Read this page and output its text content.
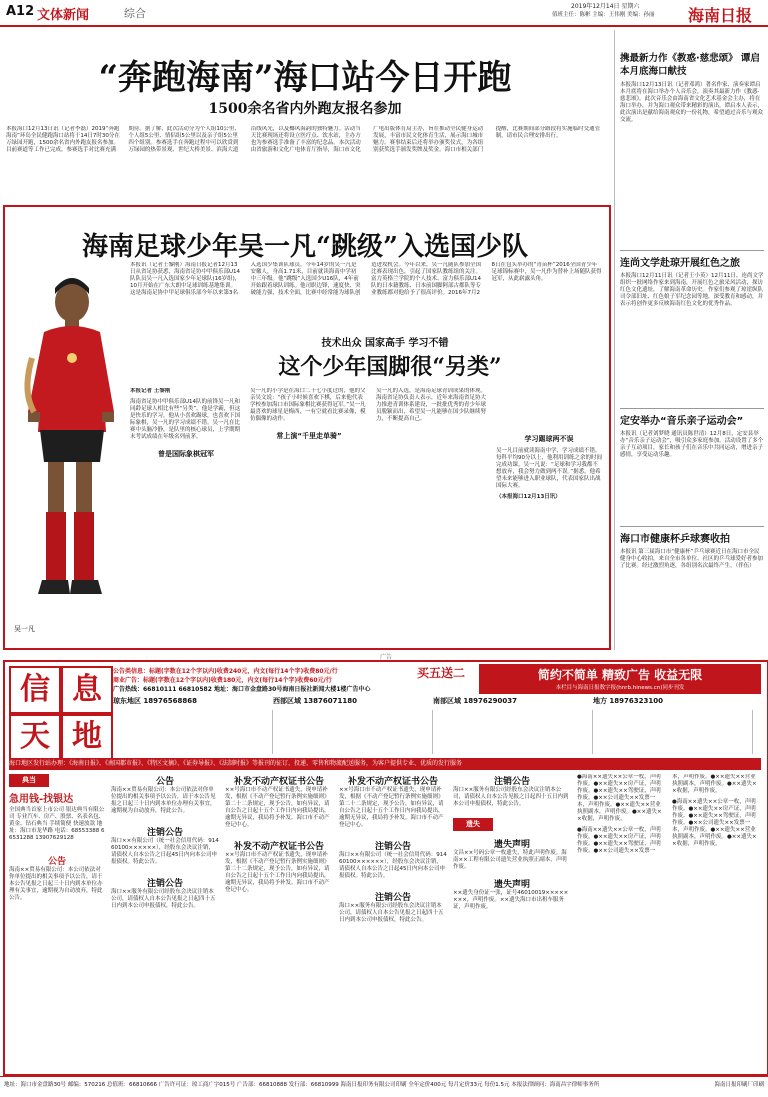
A12 文体新闻	综合
2019年12月14日 星期六
值班主任：陈彬 主编：王伟刚 美编：孙丽 海南日报
“奔跑海南”海口站今日开跑
1500余名省内外跑友报名参加
本报海口12月13日讯（记者李磊）2019“奔跑海南”环岛全民健跑海口站将于14日7时30分在万绿园开跑，1500余名省内外跑友报名参加。目前赛道等工作已完成，参赛选手对比赛充满期待。据了解，此次活动分为个人组10公里、个人组5公里、情侣组5公里以及亲子组5公里四个组别。参赛选手在奔跑过程中可以欣赏到万绿园的热带景观、世纪大桥美景、滨海大道沿线风光，以及椰风海韵的独特魅力。活动当天比赛现场还将设立医疗点、饮水站，主办方也为参赛选手准备了丰富的纪念品。本次活动由省旅游和文化广电体育厅指导，海口市文化广电出版体育局主办，旨在推动全民健身运动发展，丰富市民文化体育生活，展示海口城市魅力。赛事结束后还将举办颁奖仪式，为各组别获奖选手颁发奖牌及奖金。海口市相关部门提醒，比赛期间部分路段将实施临时交通管制，请市民合理安排出行。
携最新力作《教惑·慈悲颂》 谭启本月底海口献技
本报海口12月13日讯（记者邓鸿）著名作家、演奏家谭启本月底将在海口举办个人音乐会，演奏其最新力作《教惑·慈悲颂》。此次音乐会由海南省文化艺术基金会主办，将在海口举办，并为海口观众带来精彩的演出。谭启本人表示，此次演出是献给海南观众的一份礼物，希望通过音乐与观众交流。
连尚文学赴琼开展红色之旅
本报海口12月11日讯（记者王小英）12月11日，连尚文学组织一批网络作家来到海南，开展红色之旅采风活动，探访红色文化遗址，了解海南革命历史。作家们参观了琼崖纵队司令部旧址、红色娘子军纪念园等地，深受教育和感动，并表示将创作更多反映海南红色文化的优秀作品。
定安举办“音乐亲子运动会”
本报讯（记者刘梦晓 通讯员陈世清）12月8日，定安县举办“音乐亲子运动会”，吸引众多家庭参加。活动设置了多个亲子互动项目，家长和孩子们在音乐中共同运动，增进亲子感情，享受运动乐趣。
海口市健康杯乒球赛收拍
本报讯 第三届海口市“健康杯”乒乓球赛近日在海口市全民健身中心收拍，来自全市各单位、社区的乒乓球爱好者参加了比赛。经过激烈角逐，各组别名次最终产生。（伴伍）
海南足球少年吴一凡“跳级”入选国少队
吴一凡
本报讯（记者王黎刚）海南日报记者12月13日从省足协获悉，海南省足协中甲俱乐部U14队队员吴一凡入选国家少年足球队(16岁组)，10月开始在广东大朗中足球训练基地集训。这是海南足协中甲足球俱乐部今年以来第3名入选国少集训队球员。今年14岁的吴一凡是安徽人，身高1.71米，目前就读海南中学初中三年级。他“跳级”入选国少U16队，4年前开始跟着球队训练。他司职边锋，速度快、突破能力强，技术全面，比赛中经常能为球队创造进攻机会。今年以来，吴一凡随队参加全国比赛表现出色，引起了国家队教练组的关注。富力英格兰学院的个人技术、富力俱乐部U14队的日本籍教练、日本前国脚阿部古都队等专业教练都对他给予了很高评价。2016年7月28日在包头举办的“青苗杯”2016全国青少年足球锦标赛中，吴一凡作为替补上场随队获得冠军，从此崭露头角。
技术出众 国家高手 学习不错
这个少年国脚很“另类”
本报记者 王黎刚
海南省足协中甲俱乐部U14队的前锋吴一凡和同龄足球人相比有些“另类”。他是学霸，但这是快乐的学习。他从小喜欢踢球，也喜欢下国际象棋，吴一凡的学习成绩不错。吴一凡在比赛中头脑冷静，是队里的核心球员，上学期期末考试成绩在年级名列前茅。
曾是国际象棋冠军
吴一凡的小学是在海口二十七小度过的，他的父亲吴文说：“孩子小时候喜欢下棋，后来他代表学校参加海口市国际象棋比赛获得冠军。”吴一凡最喜欢的球星是梅西，一有空就看比赛录像，模仿偶像的动作。
常上演“千里走单骑”
吴一凡的入选，是海南足球青训成果的体现。海南省足协负责人表示，近年来海南省足协大力推进青训体系建设，一批批优秀的青少年球员脱颖而出，希望吴一凡能够在国少队继续努力，不断提高自己。
学习踢球两不误
吴一凡目前就读海南中学，学习成绩不错。每科平均90分以上，他利用训练之余的时间完成功课。吴一凡说：“足球和学习我都不想放弃，我会努力做到两不误。”据悉，他希望未来能够进入职业球队，代表国家队出战国际大赛。
（本报海口12月13日讯）
广告
信 息
天 地
公告类信息：标题(字数在12个字以内)收费240元，内文(每行14个字)收费80元/行
商业广告：标题(字数在12个字以内)收费180元，内文(每行14个字)收费60元/行
广告热线：66810111 66810582 地址：海口市金盘路30号海南日报社新闻大楼1楼广告中心
买五送二	简约不简单 精致广告 收益无限
本栏目与海南日报数字报(hnrb.hinews.cn)同步刊发
琼东地区 18976568868	西部区域 13876071180	南部区域 18976290037	地方 18976323100
海口地区发行站办理：《海南日报》、《南国都市报》、《特区文摘》、《证券导报》、《法制时报》等报刊的征订、投递、零售和物流配送服务，为客户提供专业、优质的发行服务
典当
急用钱-找银达
全国典当首家上市公司 银达典当有限公司 专业汽车、房产、股票、名表名包、黄金、钻石典当 手续简便 快速放款 地址：海口市龙华路 电话：68553388 66531288 13907629128
公告
海南××贸易有限公司：本公司依法对你单位提出的相关事项予以公告，请于本公告见报之日起三十日内到本单位办理有关事宜，逾期视为自动放弃，特此公告。
公告
海南××贸易有限公司：本公司依法对你单位提出的相关事项予以公告，请于本公告见报之日起三十日内到本单位办理有关事宜，逾期视为自动放弃，特此公告。
注销公告
海口××有限公司（统一社会信用代码：91460100××××××），经股东会决议注销，请债权人自本公告之日起45日内向本公司申报债权。特此公告。
注销公告
海口××服务有限公司经股东会决议注销本公司，请债权人自本公告见报之日起四十五日内到本公司申报债权，特此公告。
补发不动产权证书公告
××号海口市不动产权证书遗失，现申请补发，根据《不动产登记暂行条例实施细则》第二十二条规定，现予公告，如有异议，请自公告之日起十五个工作日内向我局提出，逾期无异议，我局将予补发。海口市不动产登记中心。
补发不动产权证书公告
××号海口市不动产权证书遗失，现申请补发，根据《不动产登记暂行条例实施细则》第二十二条规定，现予公告，如有异议，请自公告之日起十五个工作日内向我局提出，逾期无异议，我局将予补发。海口市不动产登记中心。
补发不动产权证书公告
××号海口市不动产权证书遗失，现申请补发，根据《不动产登记暂行条例实施细则》第二十二条规定，现予公告，如有异议，请自公告之日起十五个工作日内向我局提出，逾期无异议，我局将予补发。海口市不动产登记中心。
注销公告
海口××有限公司（统一社会信用代码：91460100××××××），经股东会决议注销，请债权人自本公告之日起45日内向本公司申报债权。特此公告。
注销公告
海口××服务有限公司经股东会决议注销本公司，请债权人自本公告见报之日起四十五日内到本公司申报债权，特此公告。
注销公告
海口××服务有限公司经股东会决议注销本公司，请债权人自本公告见报之日起四十五日内到本公司申报债权，特此公告。
遗失
遗失声明
文昌××号码公章一枚遗失，特此声明作废。海南××工程有限公司遗失营业执照正副本，声明作废。
遗失声明
××遗失身份证一张，证号46010019××××××××，声明作废。××遗失海口市出租车服务证，声明作废。
●海南××遗失××公章一枚，声明作废。●××遗失××房产证，声明作废。●××遗失××驾驶证，声明作废。●××公司遗失××发票一本，声明作废。●××遗失××营业执照副本，声明作废。●××遗失××收据，声明作废。
●海南××遗失××公章一枚，声明作废。●××遗失××房产证，声明作废。●××遗失××驾驶证，声明作废。●××公司遗失××发票一本，声明作废。●××遗失××营业执照副本，声明作废。●××遗失××收据，声明作废。
●海南××遗失××公章一枚，声明作废。●××遗失××房产证，声明作废。●××遗失××驾驶证，声明作废。●××公司遗失××发票一本，声明作废。●××遗失××营业执照副本，声明作废。●××遗失××收据，声明作废。
地址：海口市金盘路30号 邮编：570216 总值班：66810666 广告许可证：琼工商广字015号 广告部：66810888 发行部：66810999 海南日报印务有限公司印刷 全年定价400元 每月定价33元 每份1.5元 本报法律顾问：海南昌宇律师事务所	海南日报印刷厂印刷
